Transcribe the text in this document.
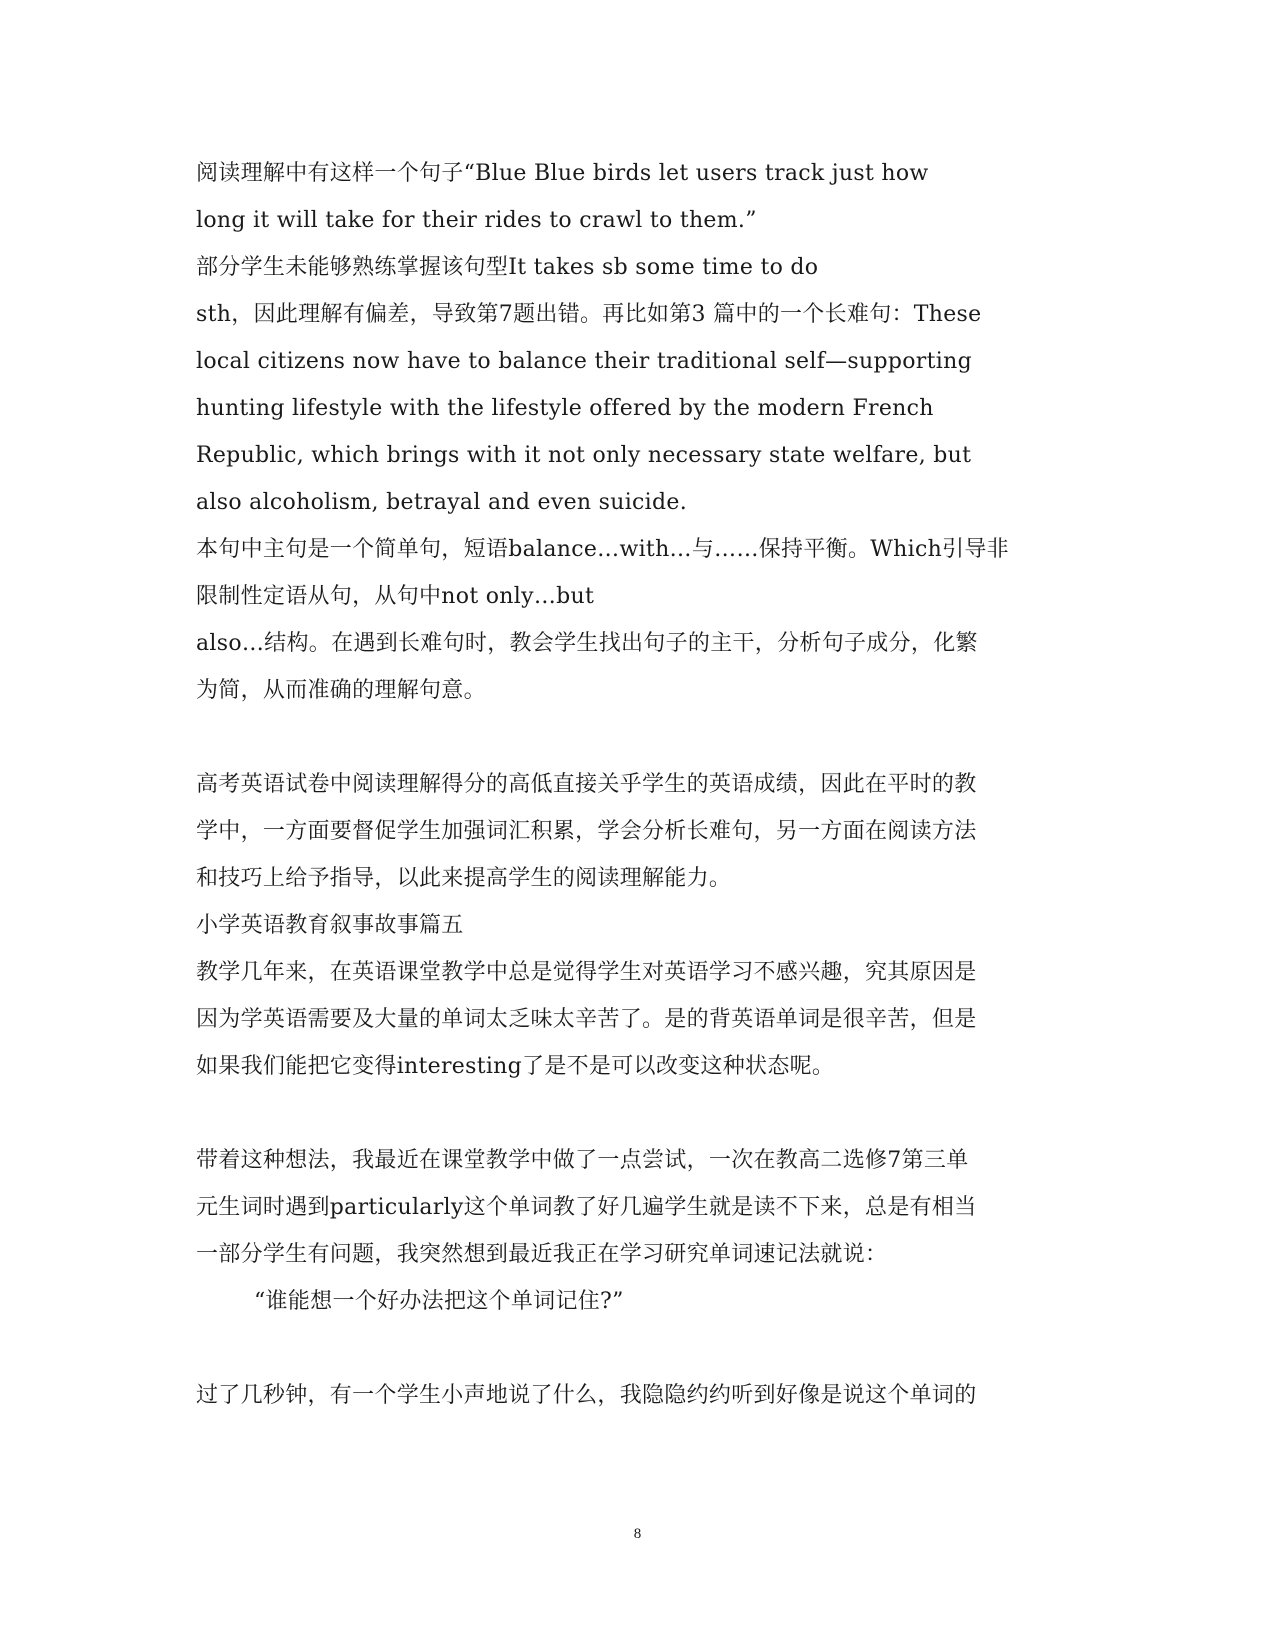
阅读理解中有这样一个句子“Blue Blue birds let users track just how
long it will take for their rides to crawl to them.”
部分学生未能够熟练掌握该句型It takes sb some time to do
sth，因此理解有偏差，导致第7题出错。再比如第3 篇中的一个长难句：These
local citizens now have to balance their traditional self—supporting
hunting lifestyle with the lifestyle offered by the modern French
Republic, which brings with it not only necessary state welfare, but
also alcoholism, betrayal and even suicide.
本句中主句是一个简单句，短语balance…with…与……保持平衡。Which引导非
限制性定语从句，从句中not only…but
also…结构。在遇到长难句时，教会学生找出句子的主干，分析句子成分，化繁
为简，从而准确的理解句意。
高考英语试卷中阅读理解得分的高低直接关乎学生的英语成绩，因此在平时的教
学中，一方面要督促学生加强词汇积累，学会分析长难句，另一方面在阅读方法
和技巧上给予指导，以此来提高学生的阅读理解能力。
小学英语教育叙事故事篇五
教学几年来，在英语课堂教学中总是觉得学生对英语学习不感兴趣，究其原因是
因为学英语需要及大量的单词太乏味太辛苦了。是的背英语单词是很辛苦，但是
如果我们能把它变得interesting了是不是可以改变这种状态呢。
带着这种想法，我最近在课堂教学中做了一点尝试，一次在教高二选修7第三单
元生词时遇到particularly这个单词教了好几遍学生就是读不下来，总是有相当
一部分学生有问题，我突然想到最近我正在学习研究单词速记法就说：
“谁能想一个好办法把这个单词记住?”
过了几秒钟，有一个学生小声地说了什么，我隐隐约约听到好像是说这个单词的
8
